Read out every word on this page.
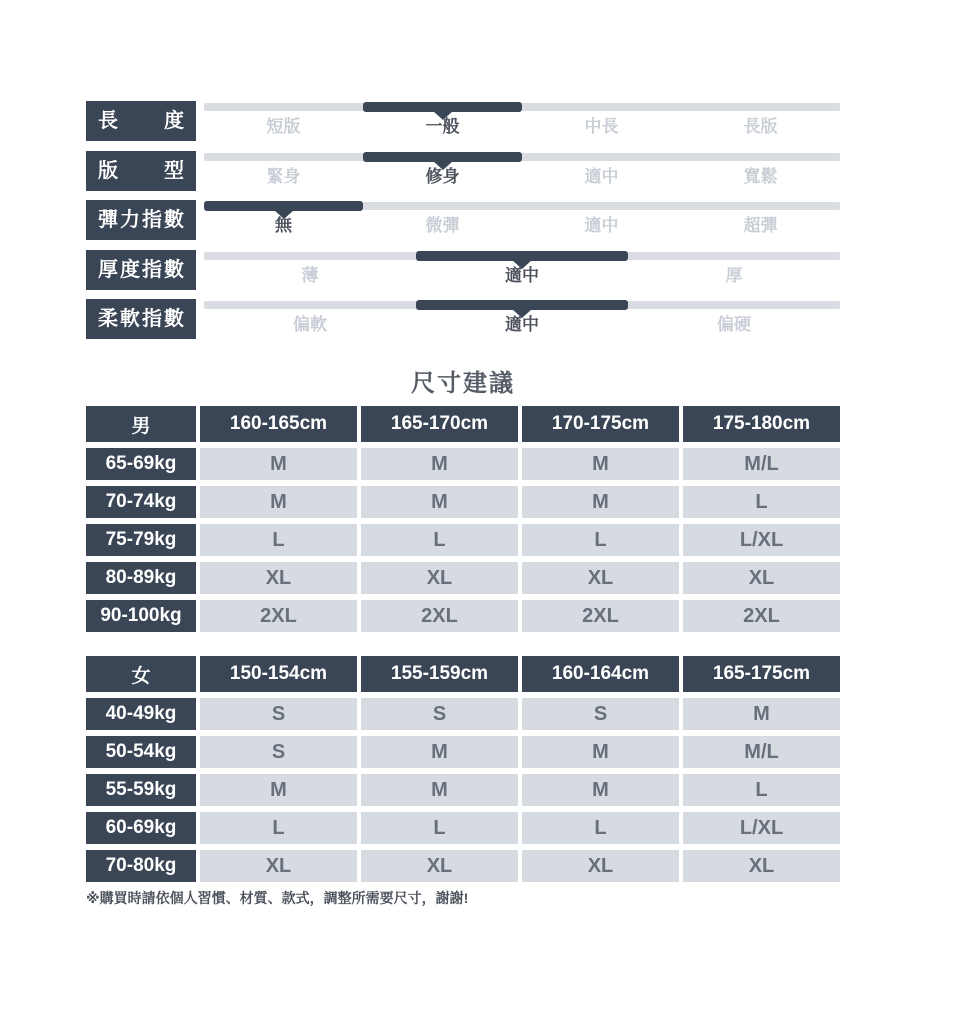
長度	短版	一般	中長	長版
版型	緊身	修身	適中	寬鬆
彈力指數	無	微彈	適中	超彈
厚度指數	薄	適中	厚
柔軟指數	偏軟	適中	偏硬
尺寸建議
男	160-165cm	165-170cm	170-175cm	175-180cm
65-69kg	M	M	M	M/L
70-74kg	M	M	M	L
75-79kg	L	L	L	L/XL
80-89kg	XL	XL	XL	XL
90-100kg	2XL	2XL	2XL	2XL
女	150-154cm	155-159cm	160-164cm	165-175cm
40-49kg	S	S	S	M
50-54kg	S	M	M	M/L
55-59kg	M	M	M	L
60-69kg	L	L	L	L/XL
70-80kg	XL	XL	XL	XL

※購買時請依個人習慣、材質、款式，調整所需要尺寸，謝謝!
